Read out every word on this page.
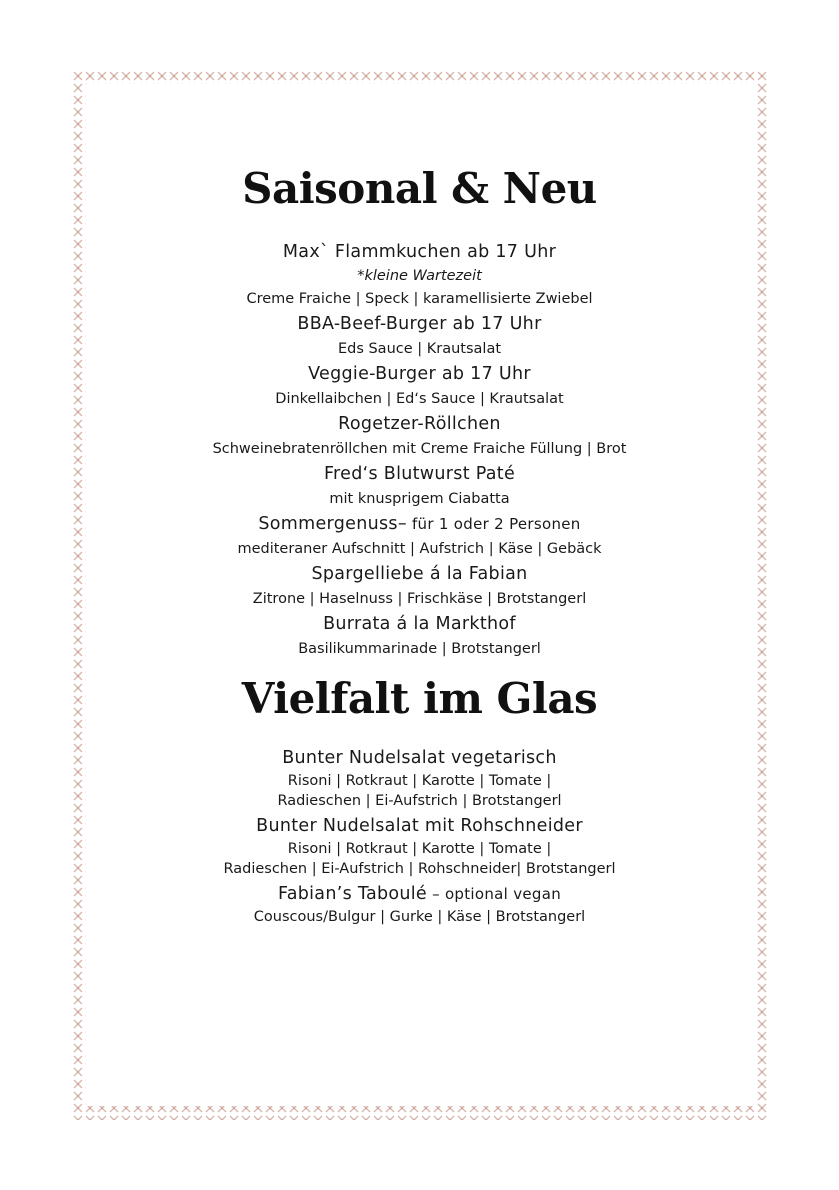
Saisonal & Neu
Max` Flammkuchen ab 17 Uhr
*kleine Wartezeit
Creme Fraiche | Speck | karamellisierte Zwiebel
BBA-Beef-Burger ab 17 Uhr
Eds Sauce | Krautsalat
Veggie-Burger ab 17 Uhr
Dinkellaibchen | Ed‘s Sauce | Krautsalat
Rogetzer-Röllchen
Schweinebratenröllchen mit Creme Fraiche Füllung | Brot
Fred‘s Blutwurst Paté
mit knusprigem Ciabatta
Sommergenuss– für 1 oder 2 Personen
mediteraner Aufschnitt | Aufstrich | Käse | Gebäck
Spargelliebe á la Fabian
Zitrone | Haselnuss | Frischkäse | Brotstangerl
Burrata á la Markthof
Basilikummarinade | Brotstangerl
Vielfalt im Glas
Bunter Nudelsalat vegetarisch
Risoni | Rotkraut | Karotte | Tomate |
Radieschen | Ei-Aufstrich | Brotstangerl
Bunter Nudelsalat mit Rohschneider
Risoni | Rotkraut | Karotte | Tomate |
Radieschen | Ei-Aufstrich | Rohschneider| Brotstangerl
Fabian’s Taboulé – optional vegan
Couscous/Bulgur | Gurke | Käse | Brotstangerl
